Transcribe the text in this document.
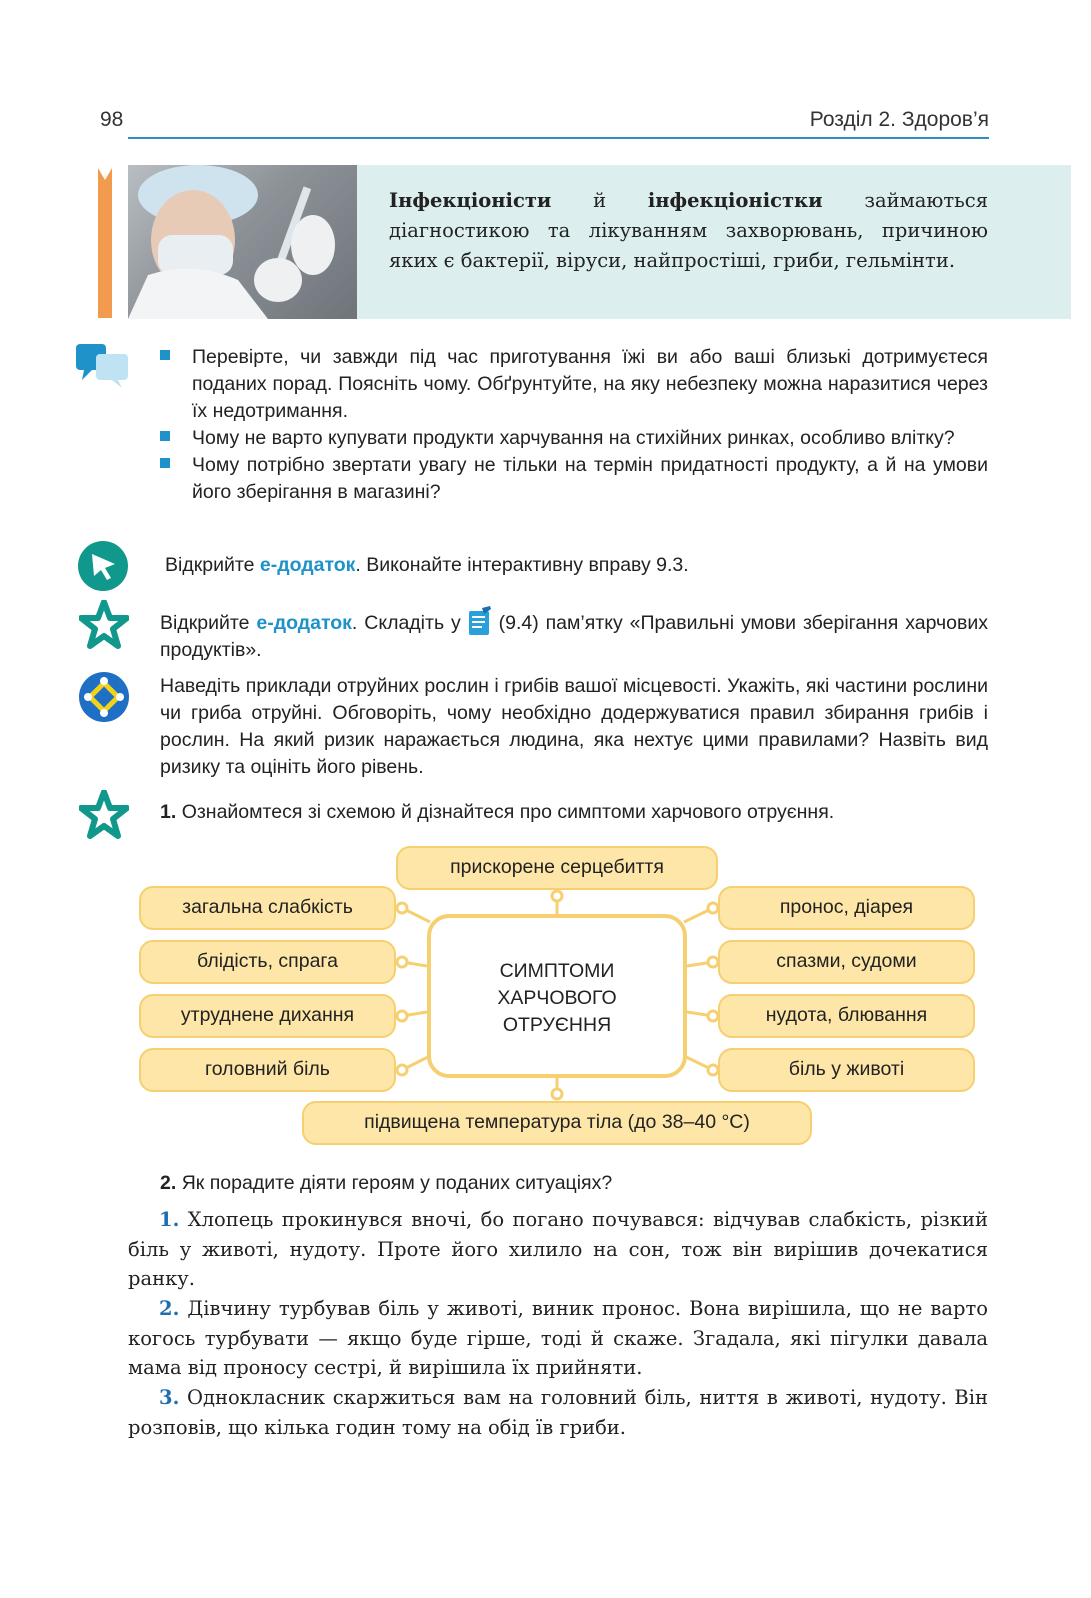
98	Розділ 2. Здоров’я
Інфекціоністи й інфекціоністки займаються діагностикою та лікуванням захворювань, причиною яких є бактерії, віруси, найпростіші, гриби, гельмінти.
Перевірте, чи завжди під час приготування їжі ви або ваші близькі дотримуєтеся поданих порад. Поясніть чому. Обґрунтуйте, на яку небезпеку можна наразитися через їх недотримання.
Чому не варто купувати продукти харчування на стихійних ринках, особливо влітку?
Чому потрібно звертати увагу не тільки на термін придатності продукту, а й на умови його зберігання в магазині?
Відкрийте е-додаток. Виконайте інтерактивну вправу 9.3.
Відкрийте е-додаток. Складіть у  (9.4) пам’ятку «Правильні умови зберігання харчових продуктів».
Наведіть приклади отруйних рослин і грибів вашої місцевості. Укажіть, які частини рослини чи гриба отруйні. Обговоріть, чому необхідно додержуватися правил збирання грибів і рослин. На який ризик наражається людина, яка нехтує цими правилами? Назвіть вид ризику та оцініть його рівень.
1. Ознайомтеся зі схемою й дізнайтеся про симптоми харчового отруєння.
прискорене серцебиття
загальна слабкість
блідість, спрага
утруднене дихання
головний біль
пронос, діарея
спазми, судоми
нудота, блювання
біль у животі
СИМПТОМИ
ХАРЧОВОГО
ОТРУЄННЯ
підвищена температура тіла (до 38–40 °С)
2. Як порадите діяти героям у поданих ситуаціях?
1. Хлопець прокинувся вночі, бо погано почувався: відчував слабкість, різкий біль у животі, нудоту. Проте його хилило на сон, тож він вирішив дочекатися ранку.
2. Дівчину турбував біль у животі, виник пронос. Вона вирішила, що не варто когось турбувати — якщо буде гірше, тоді й скаже. Згадала, які пігулки давала мама від проносу сестрі, й вирішила їх прийняти.
3. Однокласник скаржиться вам на головний біль, ниття в животі, нудоту. Він розповів, що кілька годин тому на обід їв гриби.
